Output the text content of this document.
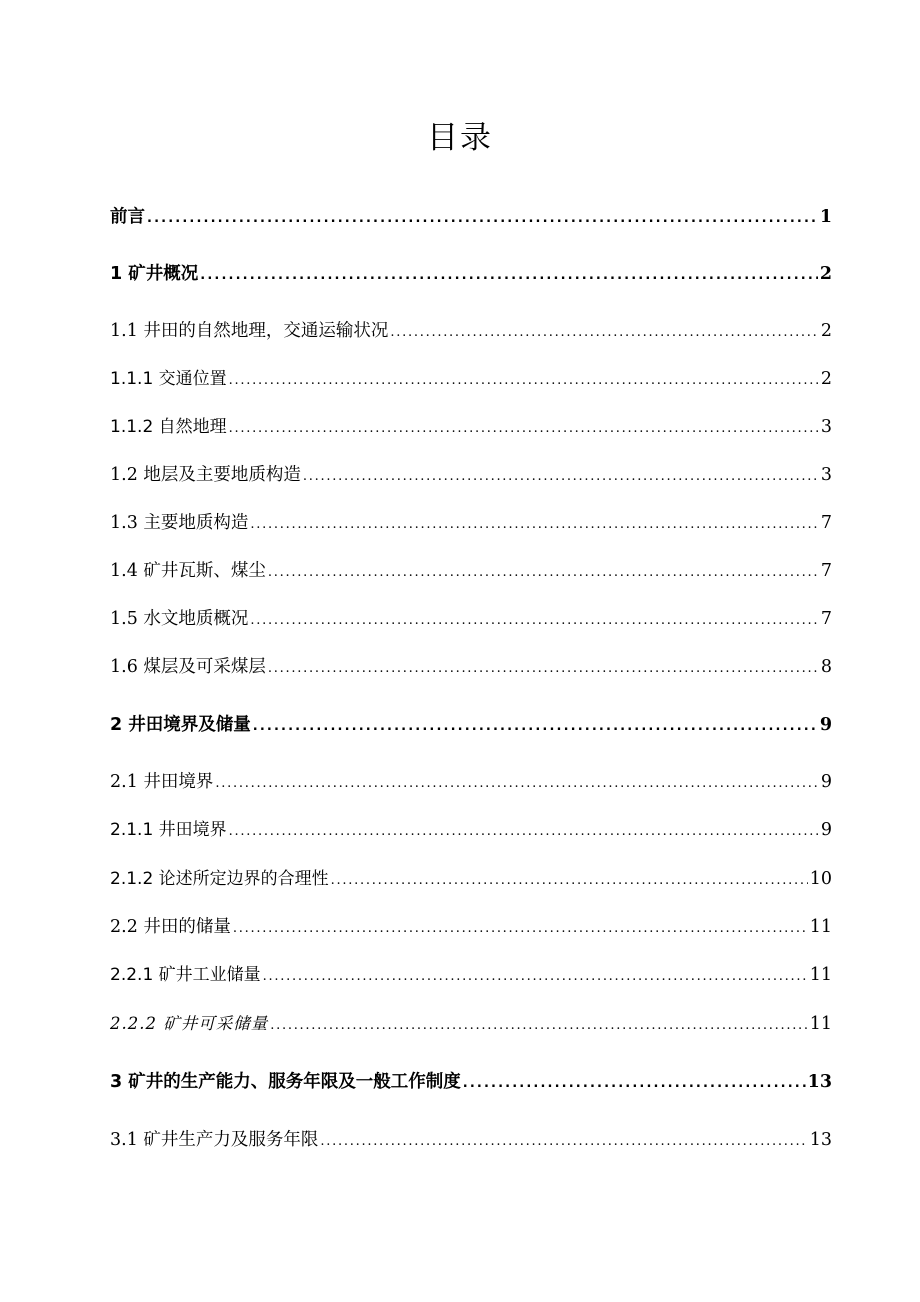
目录
前言 . . .	1
1 矿井概况 . . .	2
1.1 井田的自然地理，交通运输状况 . . .	2
1.1.1 交通位置 . . .	2
1.1.2 自然地理 . . .	3
1.2 地层及主要地质构造 . . .	3
1.3 主要地质构造 . . .	7
1.4 矿井瓦斯、煤尘 . . .	7
1.5 水文地质概况 . . .	7
1.6 煤层及可采煤层 . . .	8
2 井田境界及储量 . . .	9
2.1 井田境界 . . .	9
2.1.1 井田境界 . . .	9
2.1.2 论述所定边界的合理性 . . .	10
2.2 井田的储量 . . .	11
2.2.1 矿井工业储量 . . .	11
2.2.2 矿井可采储量 . . .	11
3 矿井的生产能力、服务年限及一般工作制度 . . .	13
3.1 矿井生产力及服务年限 . . .	13
